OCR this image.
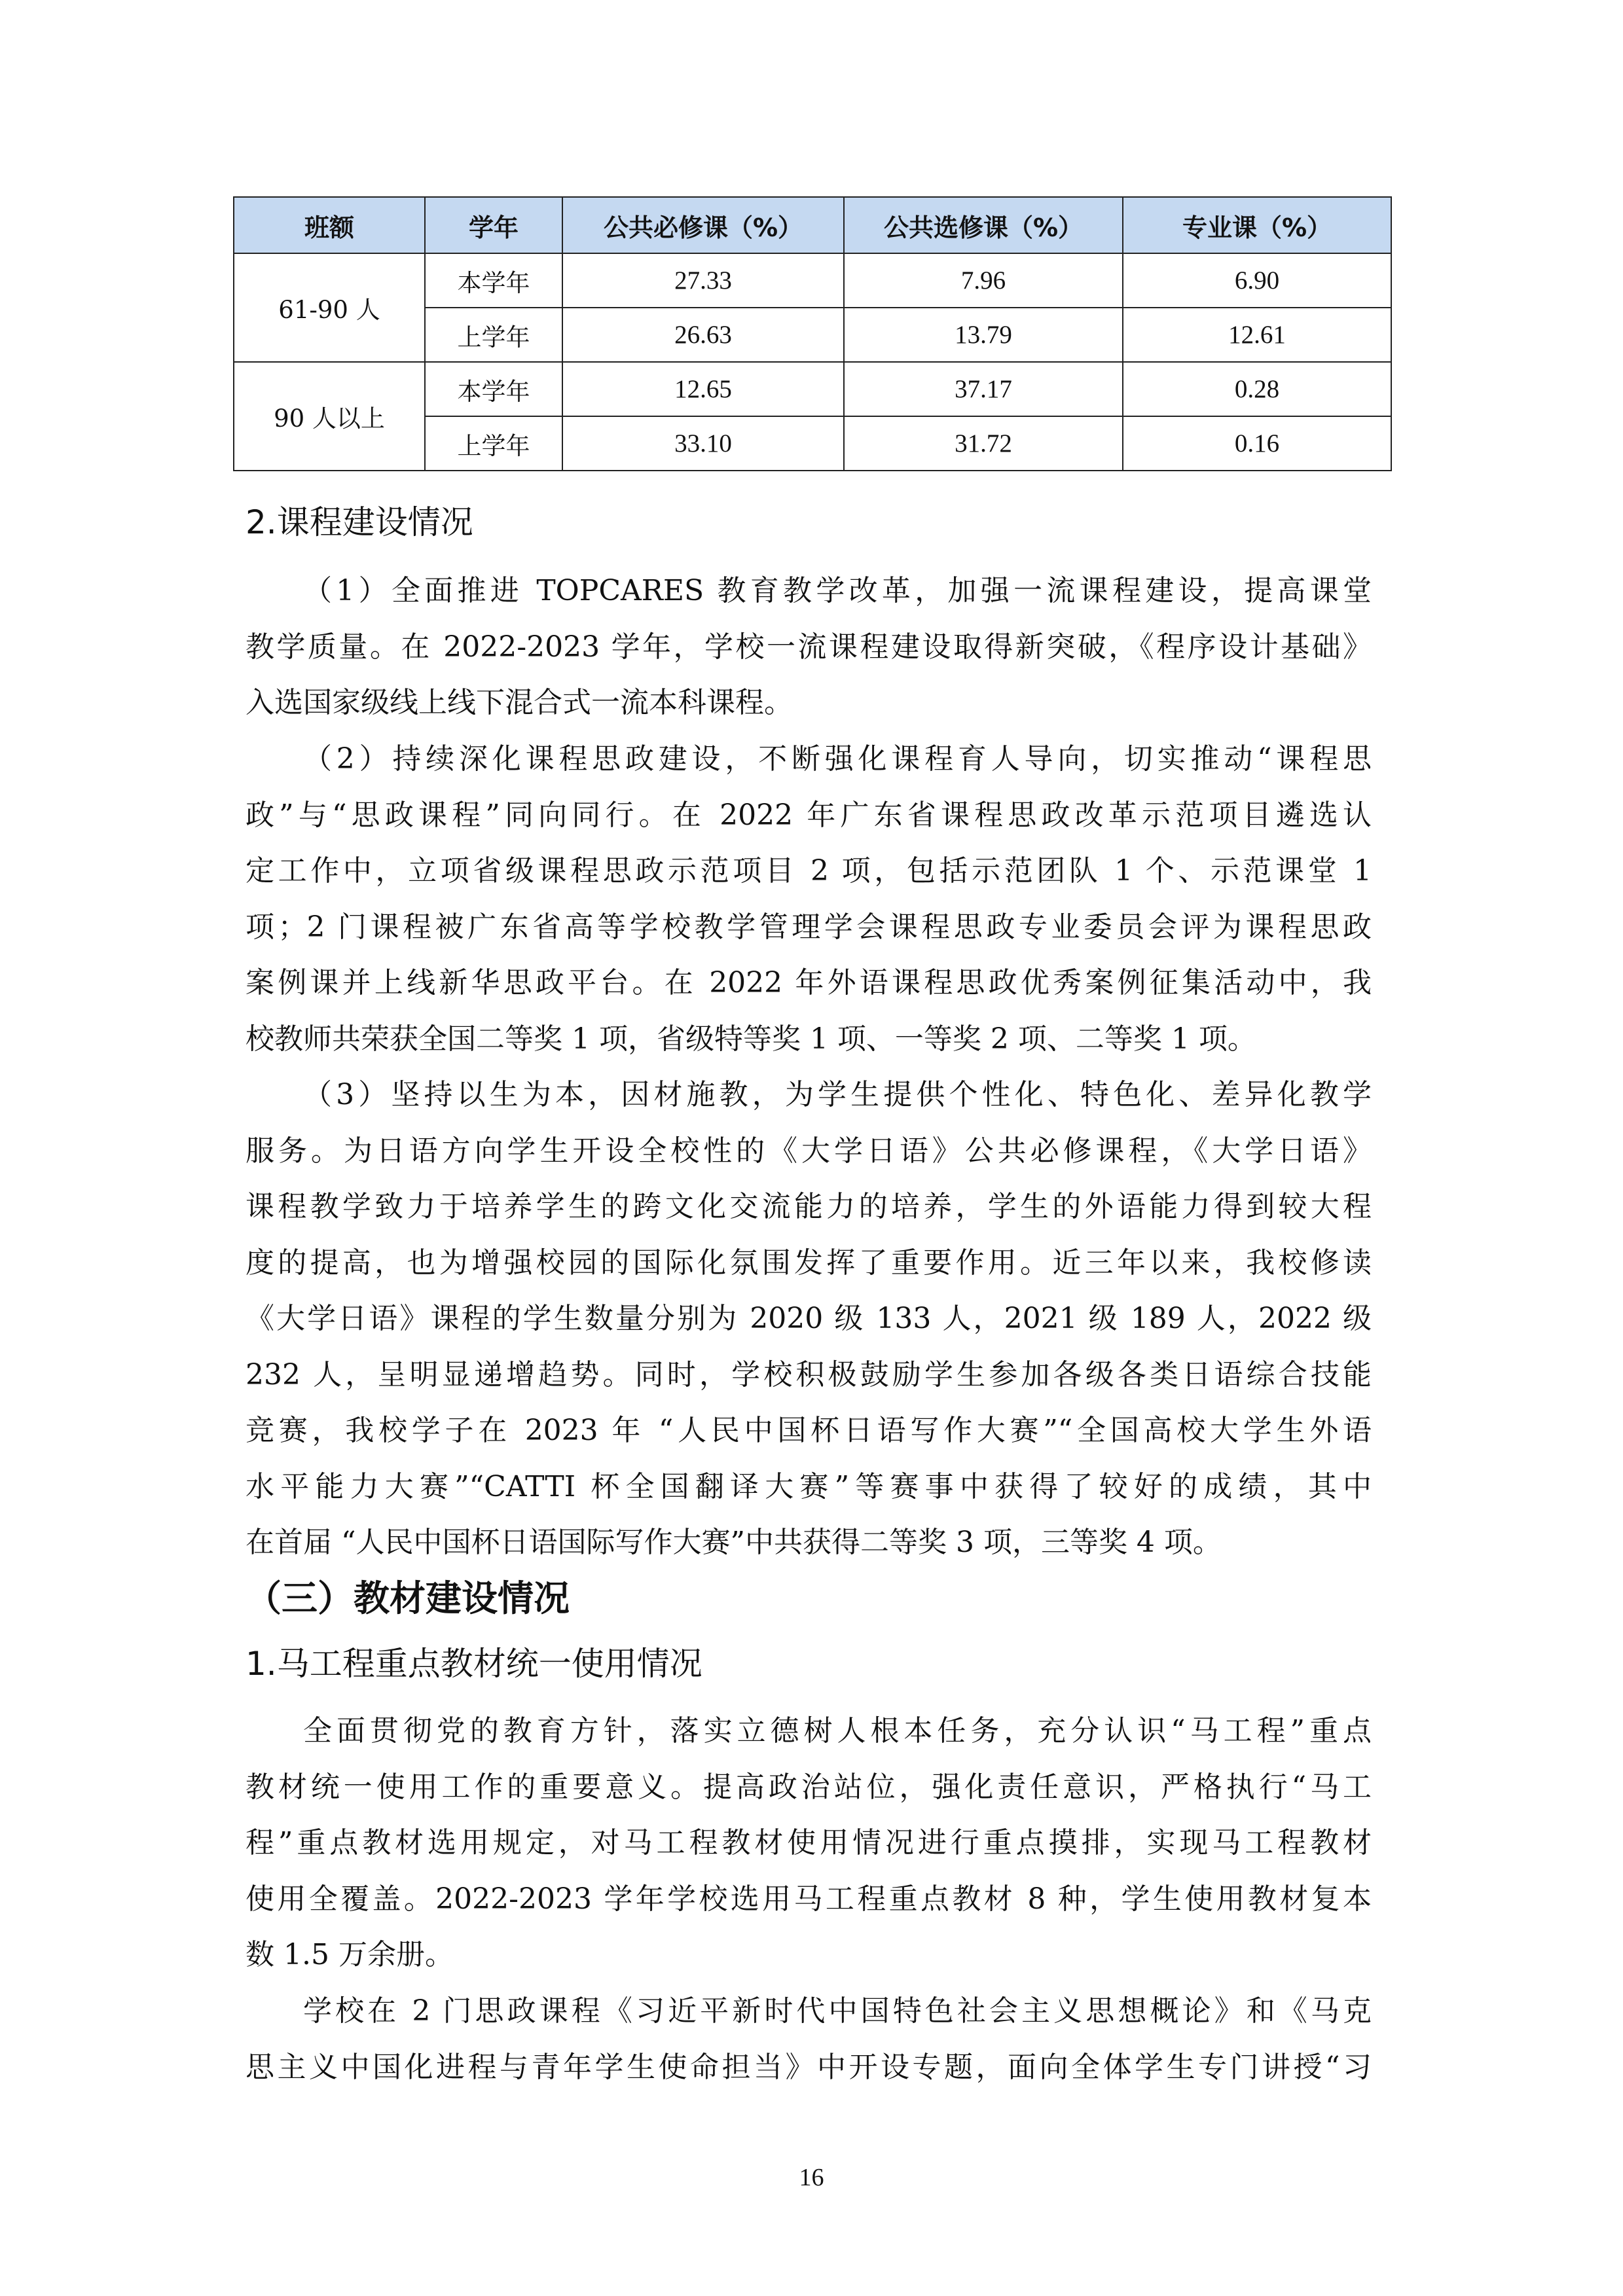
班额	学年	公共必修课（%）	公共选修课（%）	专业课（%）
61-90 人	本学年	27.33	7.96	6.90
	上学年	26.63	13.79	12.61
90 人以上	本学年	12.65	37.17	0.28
	上学年	33.10	31.72	0.16
2.课程建设情况
（1）全面推进 TOPCARES 教育教学改革，加强一流课程建设，提高课堂
教学质量。在 2022-2023 学年，学校一流课程建设取得新突破，《程序设计基础》
入选国家级线上线下混合式一流本科课程。
（2）持续深化课程思政建设，不断强化课程育人导向，切实推动“课程思
政”与“思政课程”同向同行。在 2022 年广东省课程思政改革示范项目遴选认
定工作中，立项省级课程思政示范项目 2 项，包括示范团队 1 个、示范课堂 1
项；2 门课程被广东省高等学校教学管理学会课程思政专业委员会评为课程思政
案例课并上线新华思政平台。在 2022 年外语课程思政优秀案例征集活动中，我
校教师共荣获全国二等奖 1 项，省级特等奖 1 项、一等奖 2 项、二等奖 1 项。
（3）坚持以生为本，因材施教，为学生提供个性化、特色化、差异化教学
服务。为日语方向学生开设全校性的《大学日语》公共必修课程，《大学日语》
课程教学致力于培养学生的跨文化交流能力的培养，学生的外语能力得到较大程
度的提高，也为增强校园的国际化氛围发挥了重要作用。近三年以来，我校修读
《大学日语》课程的学生数量分别为 2020 级 133 人，2021 级 189 人，2022 级
232 人，呈明显递增趋势。同时，学校积极鼓励学生参加各级各类日语综合技能
竞赛，我校学子在 2023 年 “人民中国杯日语写作大赛”“全国高校大学生外语
水平能力大赛”“CATTI 杯全国翻译大赛”等赛事中获得了较好的成绩，其中
在首届 “人民中国杯日语国际写作大赛”中共获得二等奖 3 项，三等奖 4 项。
（三）教材建设情况
1.马工程重点教材统一使用情况
全面贯彻党的教育方针，落实立德树人根本任务，充分认识“马工程”重点
教材统一使用工作的重要意义。提高政治站位，强化责任意识，严格执行“马工
程”重点教材选用规定，对马工程教材使用情况进行重点摸排，实现马工程教材
使用全覆盖。2022-2023 学年学校选用马工程重点教材 8 种，学生使用教材复本
数 1.5 万余册。
学校在 2 门思政课程《习近平新时代中国特色社会主义思想概论》和《马克
思主义中国化进程与青年学生使命担当》中开设专题，面向全体学生专门讲授“习
16
